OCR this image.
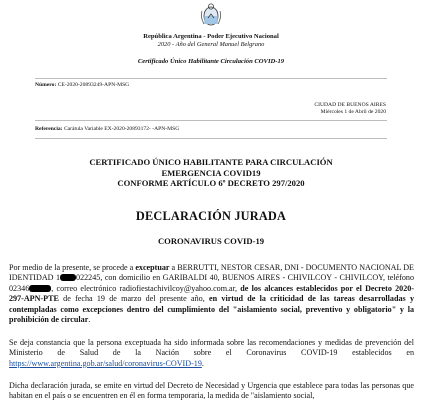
República Argentina - Poder Ejecutivo Nacional
2020 - Año del General Manuel Belgrano
Certificado Único Habilitante Circulación COVID-19
Número: CE-2020-20893249-APN-MSG
CIUDAD DE BUENOS AIRES
Miércoles 1 de Abril de 2020
Referencia: Carátula Variable EX-2020-20893172- -APN-MSG
CERTIFICADO ÚNICO HABILITANTE PARA CIRCULACIÓN
EMERGENCIA COVID19
CONFORME ARTÍCULO 6º DECRETO 297/2020
DECLARACIÓN JURADA
CORONAVIRUS COVID-19

Por medio de la presente, se procede a exceptuar a BERRUTTI, NESTOR CESAR, DNI - DOCUMENTO NACIONAL DE IDENTIDAD 1 022245, con domicilio en GARIBALDI 40, BUENOS AIRES - CHIVILCOY - CHIVILCOY, teléfono 02346	, correo electrónico radiofiestachivilcoy@yahoo.com.ar, de los alcances establecidos por el Decreto 2020-297-APN-PTE de fecha 19 de marzo del presente año, en virtud de la criticidad de las tareas desarrolladas y contempladas como excepciones dentro del cumplimiento del "aislamiento social, preventivo y obligatorio" y la prohibición de circular.

Se deja constancia que la persona exceptuada ha sido informada sobre las recomendaciones y medidas de prevención del Ministerio de Salud de la Nación sobre el Coronavirus COVID-19 establecidos en https://www.argentina.gob.ar/salud/coronavirus-COVID-19.

Dicha declaración jurada, se emite en virtud del Decreto de Necesidad y Urgencia que establece para todas las personas que habitan en el país o se encuentren en él en forma temporaria, la medida de "aislamiento social,
